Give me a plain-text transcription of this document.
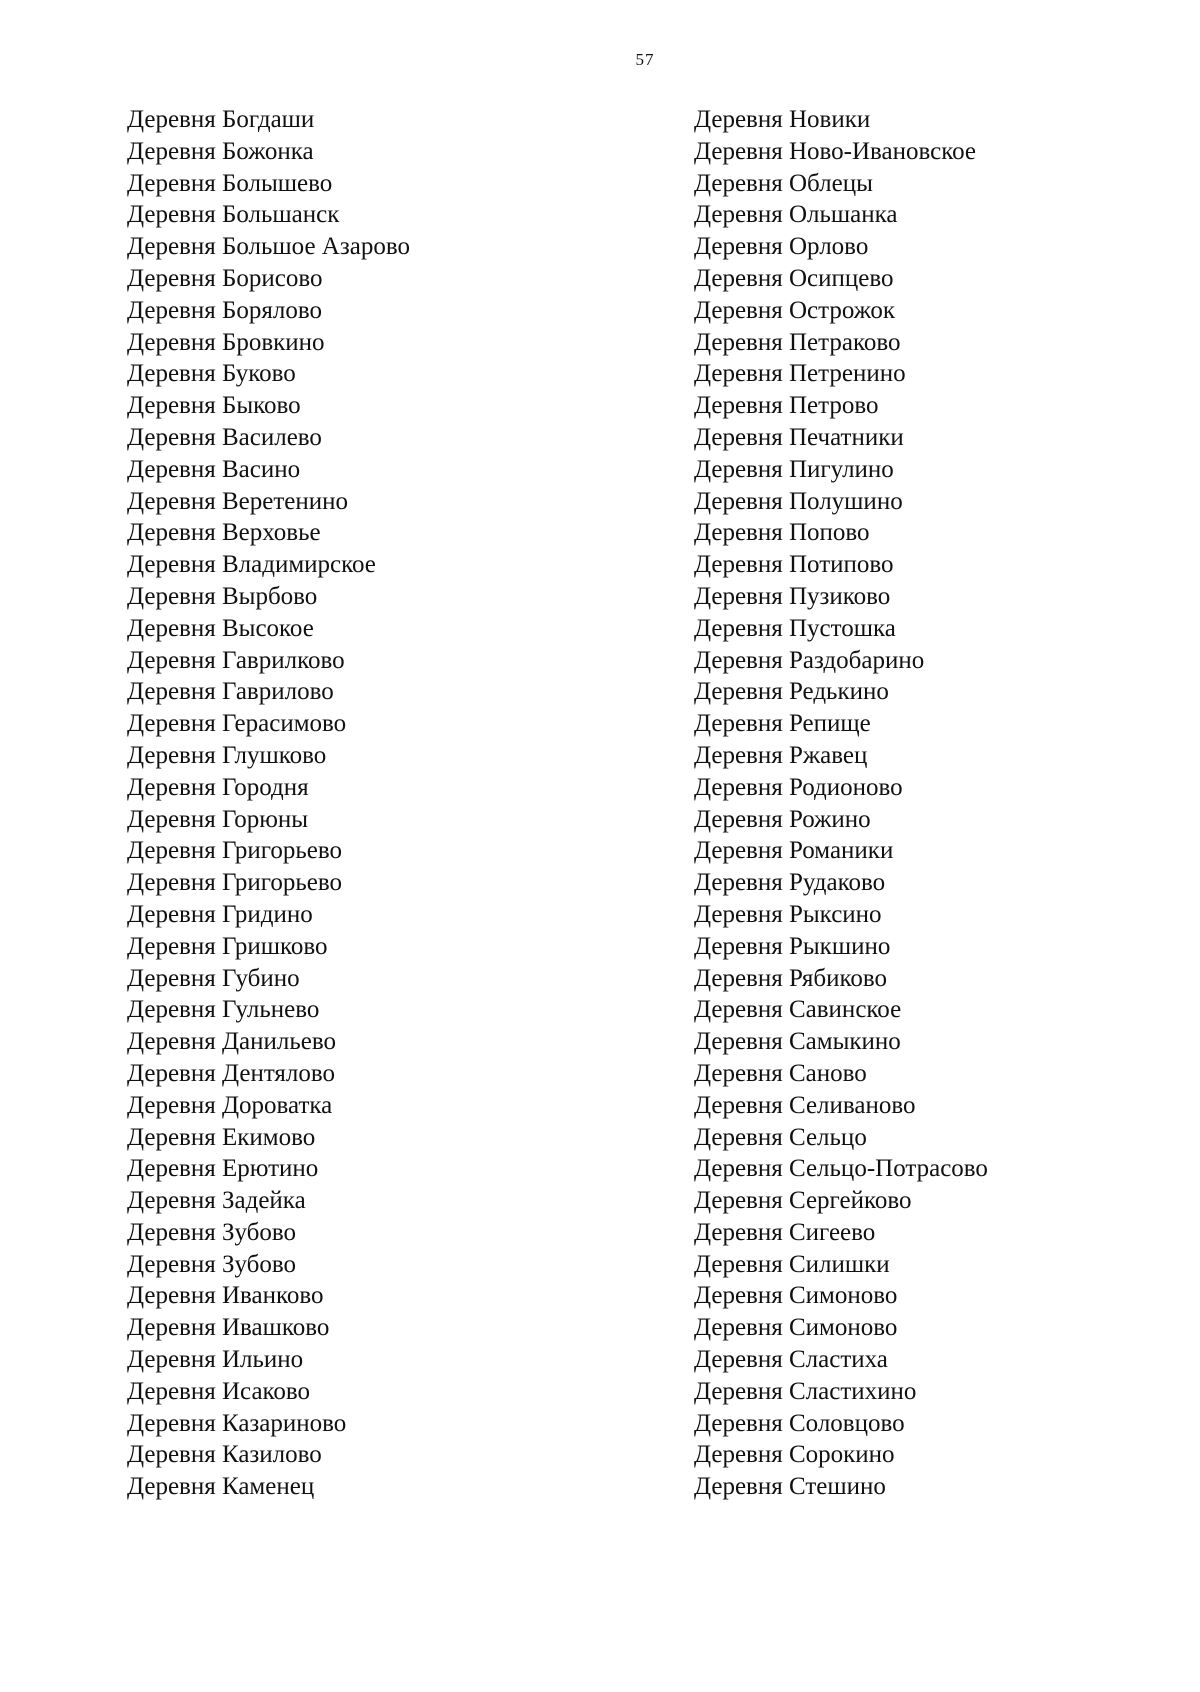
57
Деревня Богдаши
Деревня Божонка
Деревня Болышево
Деревня Большанск
Деревня Большое Азарово
Деревня Борисово
Деревня Борялово
Деревня Бровкино
Деревня Буково
Деревня Быково
Деревня Василево
Деревня Васино
Деревня Веретенино
Деревня Верховье
Деревня Владимирское
Деревня Вырбово
Деревня Высокое
Деревня Гаврилково
Деревня Гаврилово
Деревня Герасимово
Деревня Глушково
Деревня Городня
Деревня Горюны
Деревня Григорьево
Деревня Григорьево
Деревня Гридино
Деревня Гришково
Деревня Губино
Деревня Гульнево
Деревня Данильево
Деревня Дентялово
Деревня Дороватка
Деревня Екимово
Деревня Ерютино
Деревня Задейка
Деревня Зубово
Деревня Зубово
Деревня Иванково
Деревня Ивашково
Деревня Ильино
Деревня Исаково
Деревня Казариново
Деревня Казилово
Деревня Каменец
Деревня Новики
Деревня Ново-Ивановское
Деревня Облецы
Деревня Ольшанка
Деревня Орлово
Деревня Осипцево
Деревня Острожок
Деревня Петраково
Деревня Петренино
Деревня Петрово
Деревня Печатники
Деревня Пигулино
Деревня Полушино
Деревня Попово
Деревня Потипово
Деревня Пузиково
Деревня Пустошка
Деревня Раздобарино
Деревня Редькино
Деревня Репище
Деревня Ржавец
Деревня Родионово
Деревня Рожино
Деревня Романики
Деревня Рудаково
Деревня Рыксино
Деревня Рыкшино
Деревня Рябиково
Деревня Савинское
Деревня Самыкино
Деревня Саново
Деревня Селиваново
Деревня Сельцо
Деревня Сельцо-Потрасово
Деревня Сергейково
Деревня Сигеево
Деревня Силишки
Деревня Симоново
Деревня Симоново
Деревня Сластиха
Деревня Сластихино
Деревня Соловцово
Деревня Сорокино
Деревня Стешино
